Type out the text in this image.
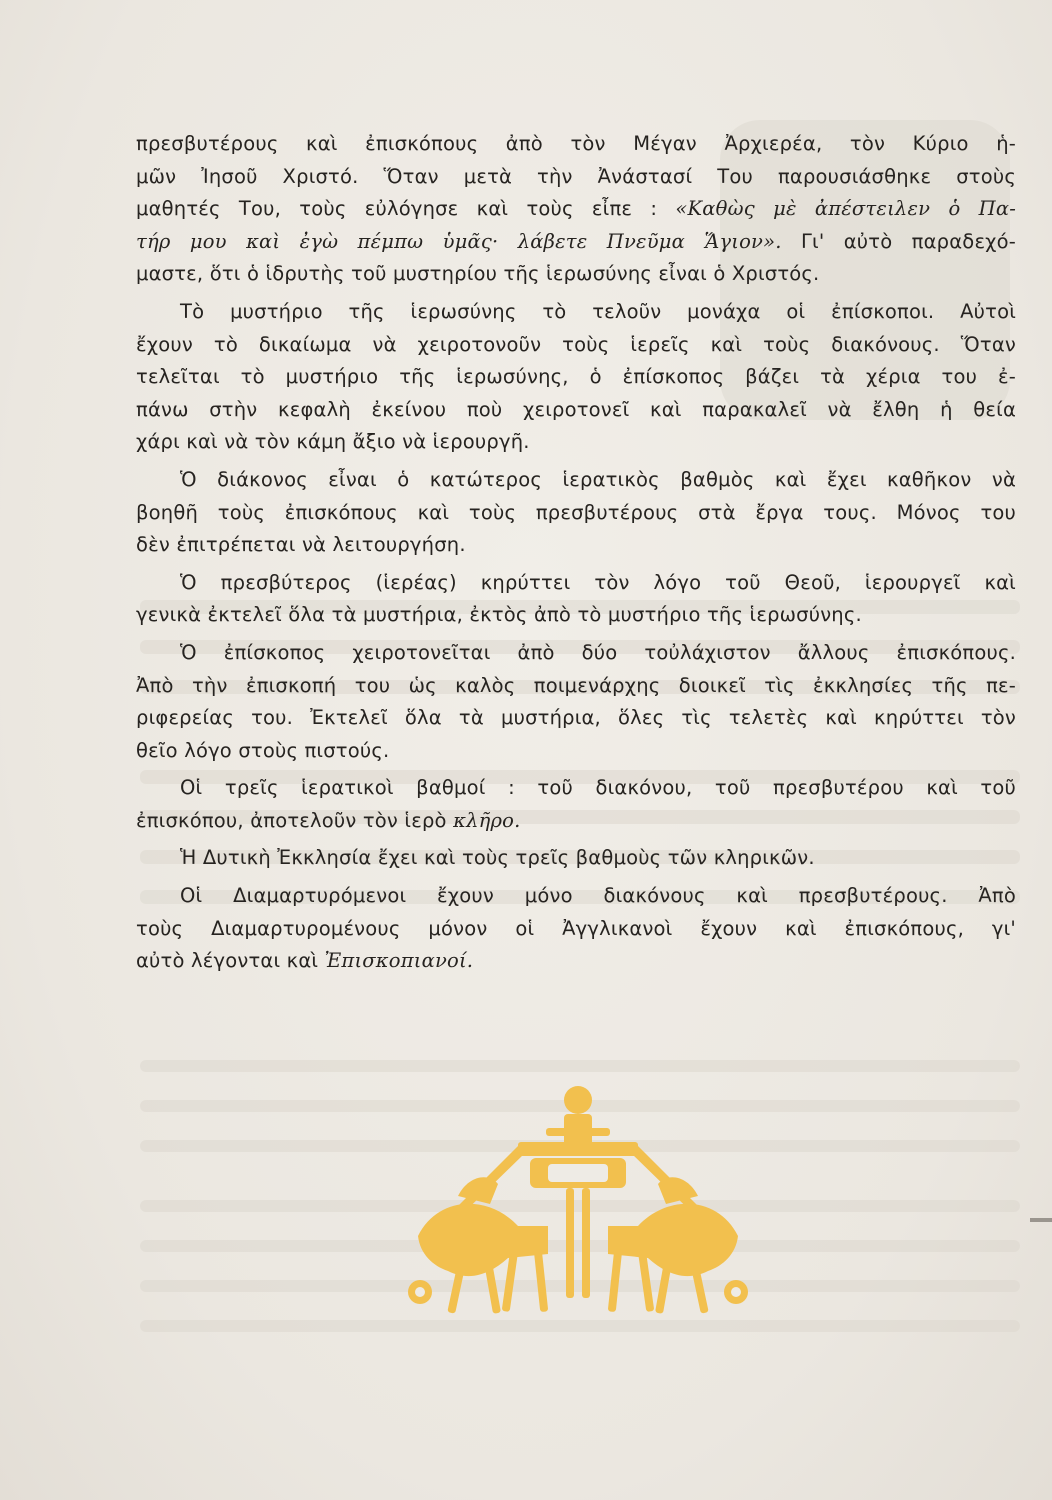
πρεσβυτέρους καὶ ἐπισκόπους ἀπὸ τὸν Μέγαν Ἀρχιερέα, τὸν Κύριο ἡ-
μῶν Ἰησοῦ Χριστό. Ὅταν μετὰ τὴν Ἀνάστασί Του παρουσιάσθηκε στοὺς
μαθητές Του, τοὺς εὐλόγησε καὶ τοὺς εἶπε : «Καθὼς μὲ ἀπέστειλεν ὁ Πα-
τήρ μου καὶ ἐγὼ πέμπω ὑμᾶς· λάβετε Πνεῦμα Ἅγιον». Γι' αὐτὸ παραδεχό-
μαστε, ὅτι ὁ ἱδρυτὴς τοῦ μυστηρίου τῆς ἱερωσύνης εἶναι ὁ Χριστός.
Τὸ μυστήριο τῆς ἱερωσύνης τὸ τελοῦν μονάχα οἱ ἐπίσκοποι. Αὐτοὶ
ἔχουν τὸ δικαίωμα νὰ χειροτονοῦν τοὺς ἱερεῖς καὶ τοὺς διακόνους. Ὅταν
τελεῖται τὸ μυστήριο τῆς ἱερωσύνης, ὁ ἐπίσκοπος βάζει τὰ χέρια του ἐ-
πάνω στὴν κεφαλὴ ἐκείνου ποὺ χειροτονεῖ καὶ παρακαλεῖ νὰ ἔλθη ἡ θεία
χάρι καὶ νὰ τὸν κάμη ἄξιο νὰ ἱερουργῆ.
Ὁ διάκονος εἶναι ὁ κατώτερος ἱερατικὸς βαθμὸς καὶ ἔχει καθῆκον νὰ
βοηθῆ τοὺς ἐπισκόπους καὶ τοὺς πρεσβυτέρους στὰ ἔργα τους. Μόνος του
δὲν ἐπιτρέπεται νὰ λειτουργήση.
Ὁ πρεσβύτερος (ἱερέας) κηρύττει τὸν λόγο τοῦ Θεοῦ, ἱερουργεῖ καὶ
γενικὰ ἐκτελεῖ ὅλα τὰ μυστήρια, ἐκτὸς ἀπὸ τὸ μυστήριο τῆς ἱερωσύνης.
Ὁ ἐπίσκοπος χειροτονεῖται ἀπὸ δύο τοὐλάχιστον ἄλλους ἐπισκόπους.
Ἀπὸ τὴν ἐπισκοπή του ὡς καλὸς ποιμενάρχης διοικεῖ τὶς ἐκκλησίες τῆς πε-
ριφερείας του. Ἐκτελεῖ ὅλα τὰ μυστήρια, ὅλες τὶς τελετὲς καὶ κηρύττει τὸν
θεῖο λόγο στοὺς πιστούς.
Οἱ τρεῖς ἱερατικοὶ βαθμοί : τοῦ διακόνου, τοῦ πρεσβυτέρου καὶ τοῦ
ἐπισκόπου, ἀποτελοῦν τὸν ἱερὸ κλῆρο.
Ἡ Δυτικὴ Ἐκκλησία ἔχει καὶ τοὺς τρεῖς βαθμοὺς τῶν κληρικῶν.
Οἱ Διαμαρτυρόμενοι ἔχουν μόνο διακόνους καὶ πρεσβυτέρους. Ἀπὸ
τοὺς Διαμαρτυρομένους μόνον οἱ Ἀγγλικανοὶ ἔχουν καὶ ἐπισκόπους, γι'
αὐτὸ λέγονται καὶ Ἐπισκοπιανοί.
